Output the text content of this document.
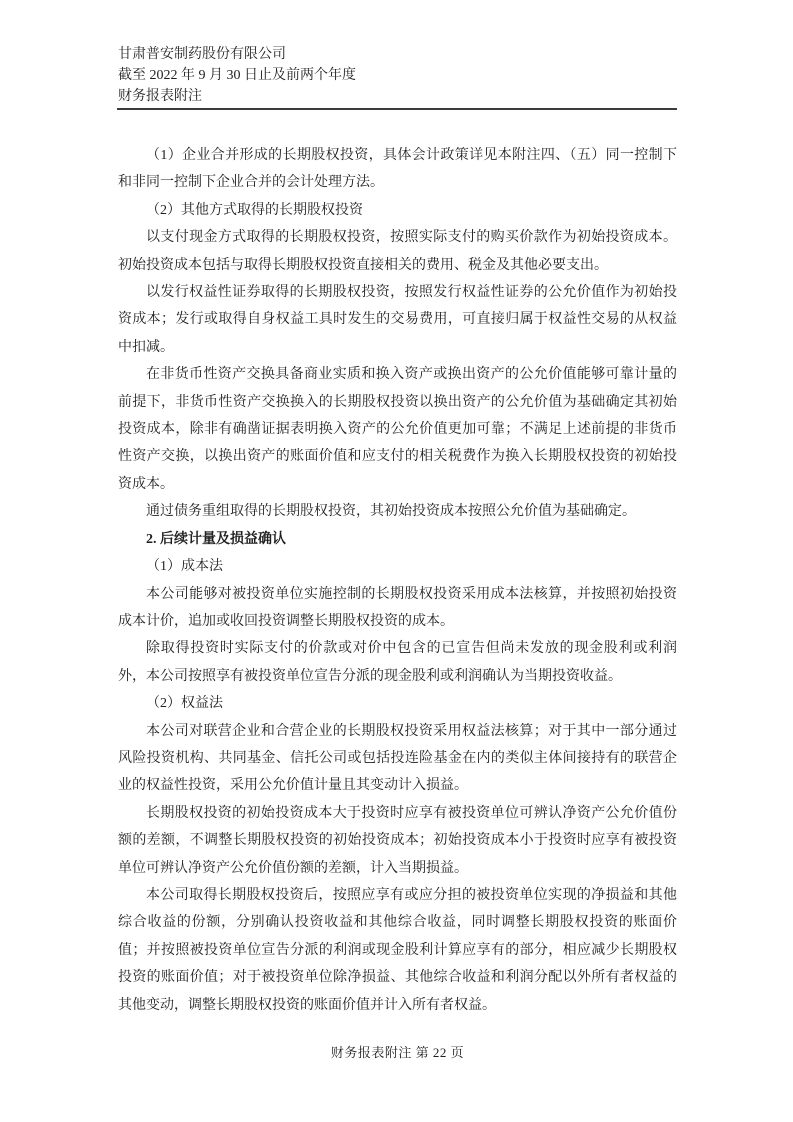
甘肃普安制药股份有限公司
截至 2022 年 9 月 30 日止及前两个年度
财务报表附注

（1）企业合并形成的长期股权投资，具体会计政策详见本附注四、（五）同一控制下和非同一控制下企业合并的会计处理方法。

（2）其他方式取得的长期股权投资

以支付现金方式取得的长期股权投资，按照实际支付的购买价款作为初始投资成本。初始投资成本包括与取得长期股权投资直接相关的费用、税金及其他必要支出。

以发行权益性证券取得的长期股权投资，按照发行权益性证券的公允价值作为初始投资成本；发行或取得自身权益工具时发生的交易费用，可直接归属于权益性交易的从权益中扣减。

在非货币性资产交换具备商业实质和换入资产或换出资产的公允价值能够可靠计量的前提下，非货币性资产交换换入的长期股权投资以换出资产的公允价值为基础确定其初始投资成本，除非有确凿证据表明换入资产的公允价值更加可靠；不满足上述前提的非货币性资产交换，以换出资产的账面价值和应支付的相关税费作为换入长期股权投资的初始投资成本。

通过债务重组取得的长期股权投资，其初始投资成本按照公允价值为基础确定。

2. 后续计量及损益确认

（1）成本法

本公司能够对被投资单位实施控制的长期股权投资采用成本法核算，并按照初始投资成本计价，追加或收回投资调整长期股权投资的成本。

除取得投资时实际支付的价款或对价中包含的已宣告但尚未发放的现金股利或利润外，本公司按照享有被投资单位宣告分派的现金股利或利润确认为当期投资收益。

（2）权益法

本公司对联营企业和合营企业的长期股权投资采用权益法核算；对于其中一部分通过风险投资机构、共同基金、信托公司或包括投连险基金在内的类似主体间接持有的联营企业的权益性投资，采用公允价值计量且其变动计入损益。

长期股权投资的初始投资成本大于投资时应享有被投资单位可辨认净资产公允价值份额的差额，不调整长期股权投资的初始投资成本；初始投资成本小于投资时应享有被投资单位可辨认净资产公允价值份额的差额，计入当期损益。

本公司取得长期股权投资后，按照应享有或应分担的被投资单位实现的净损益和其他综合收益的份额，分别确认投资收益和其他综合收益，同时调整长期股权投资的账面价值；并按照被投资单位宣告分派的利润或现金股利计算应享有的部分，相应减少长期股权投资的账面价值；对于被投资单位除净损益、其他综合收益和利润分配以外所有者权益的其他变动，调整长期股权投资的账面价值并计入所有者权益。

财务报表附注 第 22 页
